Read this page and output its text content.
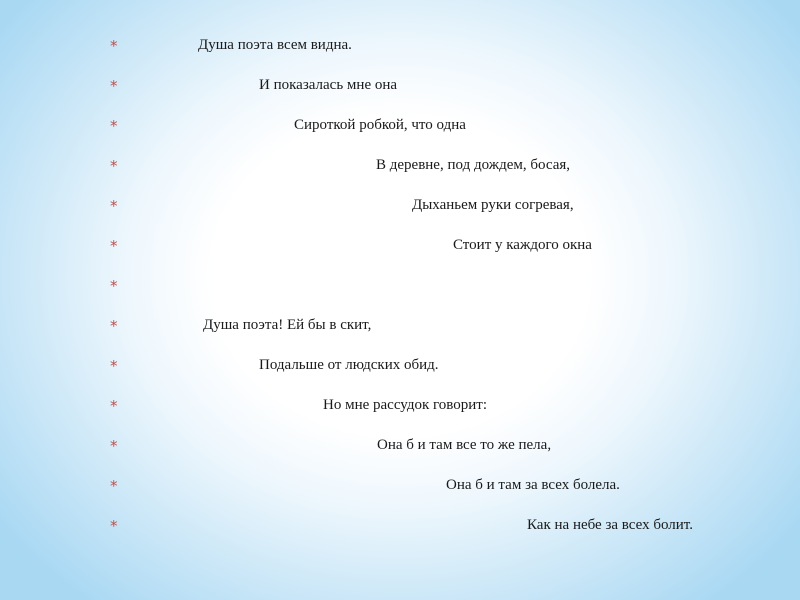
*	Душа поэта всем видна.
*	И показалась мне она
*	Сироткой робкой, что одна
*	В деревне, под дождем, босая,
*	Дыханьем руки согревая,
*	Стоит у каждого окна
*
*	Душа поэта! Ей бы в скит,
*	Подальше от людских обид.
*	Но мне рассудок говорит:
*	Она б и там все то же пела,
*	Она б и там за всех болела.
*	Как на небе за всех болит.
